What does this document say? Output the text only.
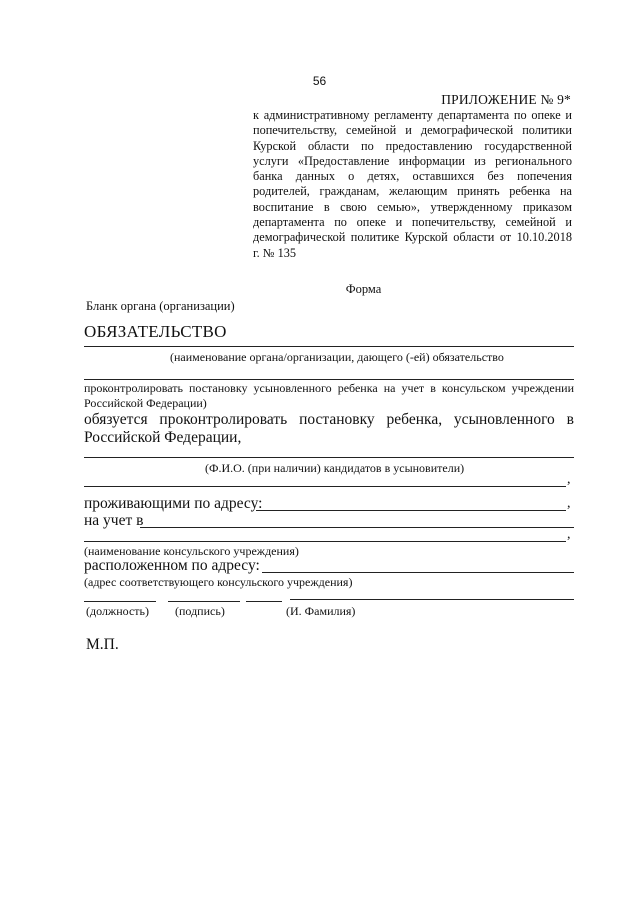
56
ПРИЛОЖЕНИЕ № 9*
к административному регламенту департамента по опеке и
попечительству, семейной и демографической политики
Курской области по предоставлению государственной
услуги «Предоставление информации из регионального
банка данных о детях, оставшихся без попечения
родителей, гражданам, желающим принять ребенка на
воспитание в свою семью», утвержденному приказом
департамента по опеке и попечительству, семейной и
демографической политике Курской области от 10.10.2018
г. № 135
Форма
Бланк органа (организации)
ОБЯЗАТЕЛЬСТВО
(наименование органа/организации, дающего (-ей) обязательство
проконтролировать постановку усыновленного ребенка на учет в консульском учреждении
Российской Федерации)
обязуется проконтролировать постановку ребенка, усыновленного в
Российской Федерации,
(Ф.И.О. (при наличии) кандидатов в усыновители)
,
проживающими по адресу:	,
на учет в
,
(наименование консульского учреждения)
расположенном по адресу:
(адрес соответствующего консульского учреждения)
(должность) (подпись)	(И. Фамилия)
М.П.
